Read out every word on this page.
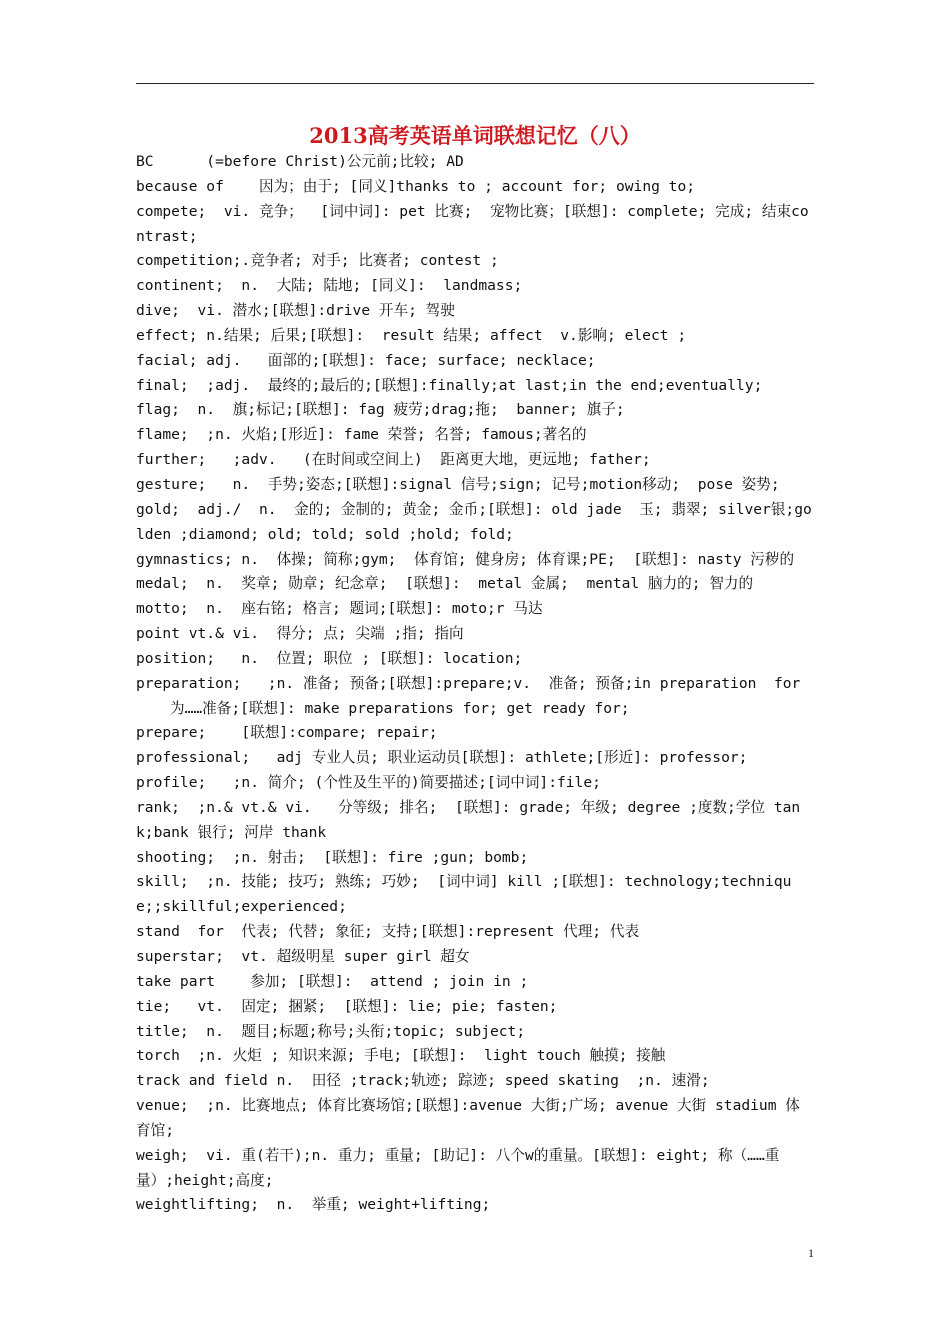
2013高考英语单词联想记忆（八）

BC	(=before Christ)公元前;比较; AD

because of    因为；由于; [同义]thanks to ; account for; owing to;

compete;  vi. 竞争；  [词中词]: pet 比赛;  宠物比赛；[联想]: complete; 完成; 结束contrast;

competition;.竞争者; 对手; 比赛者; contest ;

continent;  n.  大陆; 陆地; [同义]:  landmass;

dive;  vi. 潜水;[联想]:drive 开车; 驾驶

effect; n.结果; 后果;[联想]:  result 结果; affect  v.影响; elect ;

facial; adj.   面部的;[联想]: face; surface; necklace;

final;  ;adj.  最终的;最后的;[联想]:finally;at last;in the end;eventually;

flag;  n.  旗;标记;[联想]: fag 疲劳;drag;拖;  banner; 旗子;

flame;  ;n. 火焰;[形近]: fame 荣誉; 名誉; famous;著名的

further;   ;adv.   (在时间或空间上)  距离更大地，更远地; father;

gesture;   n.  手势;姿态;[联想]:signal 信号;sign; 记号;motion移动;  pose 姿势;

gold;  adj./  n.  金的; 金制的; 黄金; 金币;[联想]: old jade  玉; 翡翠; silver银;golden ;diamond; old; told; sold ;hold; fold;

gymnastics; n.  体操; 简称;gym;  体育馆; 健身房; 体育课;PE;  [联想]: nasty 污秽的

medal;  n.  奖章; 勋章; 纪念章;  [联想]:  metal 金属;  mental 脑力的; 智力的

motto;  n.  座右铭; 格言; 题词;[联想]: moto;r 马达

point vt.& vi.  得分; 点; 尖端 ;指; 指向

position;   n.  位置; 职位 ; [联想]: location;

preparation;   ;n. 准备; 预备;[联想]:prepare;v.  准备; 预备;in preparation  for

为……准备;[联想]: make preparations for; get ready for;

prepare;    [联想]:compare; repair;

professional;   adj 专业人员; 职业运动员[联想]: athlete;[形近]: professor;

profile;   ;n. 简介; (个性及生平的)简要描述;[词中词]:file;

rank;  ;n.& vt.& vi.   分等级; 排名;  [联想]: grade; 年级; degree ;度数;学位 tank;bank 银行; 河岸 thank

shooting;  ;n. 射击;  [联想]: fire ;gun; bomb;

skill;  ;n. 技能; 技巧; 熟练; 巧妙;  [词中词] kill ;[联想]: technology;technique;;skillful;experienced;

stand  for  代表; 代替; 象征; 支持;[联想]:represent 代理; 代表

superstar;  vt. 超级明星 super girl 超女

take part    参加; [联想]:  attend ; join in ;

tie;   vt.  固定; 捆紧;  [联想]: lie; pie; fasten;

title;  n.  题目;标题;称号;头衔;topic; subject;

torch  ;n. 火炬 ; 知识来源; 手电; [联想]:  light touch 触摸; 接触

track and field n.  田径 ;track;轨迹; 踪迹; speed skating  ;n. 速滑;

venue;  ;n. 比赛地点; 体育比赛场馆;[联想]:avenue 大街;广场; avenue 大街 stadium 体育馆;

weigh;  vi. 重(若干);n. 重力; 重量; [助记]: 八个w的重量。[联想]: eight; 称（……重量）;height;高度;

weightlifting;  n.  举重; weight+lifting;

1
